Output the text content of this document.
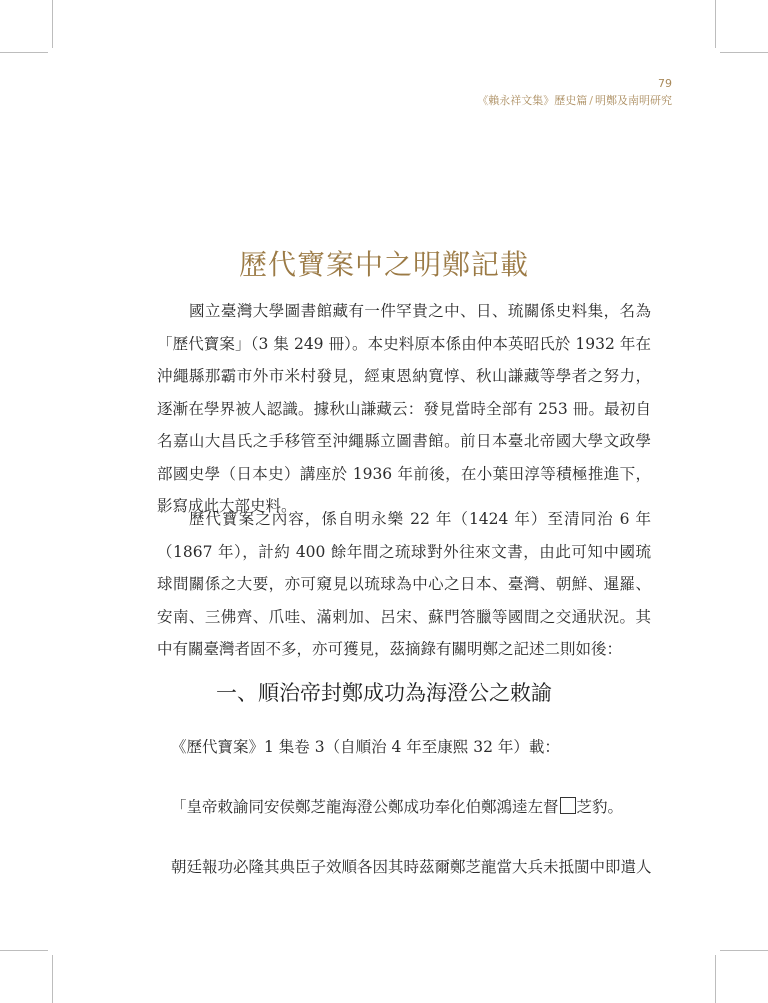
79
《賴永祥文集》歷史篇 / 明鄭及南明研究
歷代寶案中之明鄭記載

國立臺灣大學圖書館藏有一件罕貴之中、日、琉關係史料集，名為「歷代寶案」（3 集 249 冊）。本史料原本係由仲本英昭氏於 1932 年在沖繩縣那霸市外市米村發見，經東恩納寬惇、秋山謙藏等學者之努力，逐漸在學界被人認識。據秋山謙藏云：發見當時全部有 253 冊。最初自名嘉山大昌氏之手移管至沖繩縣立圖書館。前日本臺北帝國大學文政學部國史學（日本史）講座於 1936 年前後，在小葉田淳等積極推進下，影寫成此大部史料。

歷代寶案之內容，係自明永樂 22 年（1424 年）至清同治 6 年（1867 年），計約 400 餘年間之琉球對外往來文書，由此可知中國琉球間關係之大要，亦可窺見以琉球為中心之日本、臺灣、朝鮮、暹羅、安南、三佛齊、爪哇、滿剌加、呂宋、蘇門答臘等國間之交通狀況。其中有關臺灣者固不多，亦可獲見，茲摘錄有關明鄭之記述二則如後：

一、順治帝封鄭成功為海澄公之敕諭

《歷代寶案》1 集卷 3（自順治 4 年至康熙 32 年）載：

「皇帝敕諭同安侯鄭芝龍海澄公鄭成功奉化伯鄭鴻逵左督 芝豹。

朝廷報功必隆其典臣子效順各因其時茲爾鄭芝龍當大兵未抵閩中即遣人
